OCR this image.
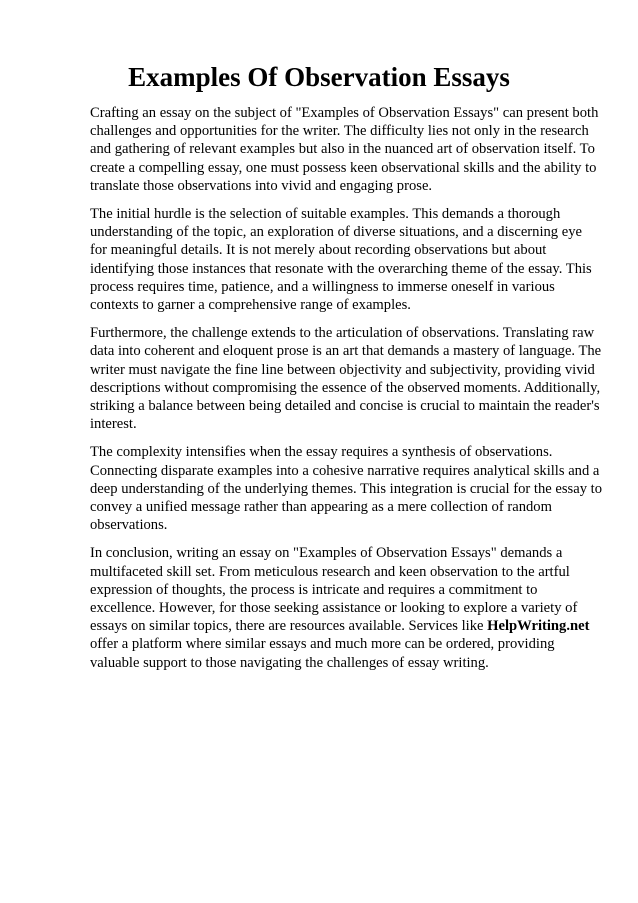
Examples Of Observation Essays

Crafting an essay on the subject of "Examples of Observation Essays" can present both challenges and opportunities for the writer. The difficulty lies not only in the research and gathering of relevant examples but also in the nuanced art of observation itself. To create a compelling essay, one must possess keen observational skills and the ability to translate those observations into vivid and engaging prose.

The initial hurdle is the selection of suitable examples. This demands a thorough understanding of the topic, an exploration of diverse situations, and a discerning eye for meaningful details. It is not merely about recording observations but about identifying those instances that resonate with the overarching theme of the essay. This process requires time, patience, and a willingness to immerse oneself in various contexts to garner a comprehensive range of examples.

Furthermore, the challenge extends to the articulation of observations. Translating raw data into coherent and eloquent prose is an art that demands a mastery of language. The writer must navigate the fine line between objectivity and subjectivity, providing vivid descriptions without compromising the essence of the observed moments. Additionally, striking a balance between being detailed and concise is crucial to maintain the reader's interest.

The complexity intensifies when the essay requires a synthesis of observations. Connecting disparate examples into a cohesive narrative requires analytical skills and a deep understanding of the underlying themes. This integration is crucial for the essay to convey a unified message rather than appearing as a mere collection of random observations.

In conclusion, writing an essay on "Examples of Observation Essays" demands a multifaceted skill set. From meticulous research and keen observation to the artful expression of thoughts, the process is intricate and requires a commitment to excellence. However, for those seeking assistance or looking to explore a variety of essays on similar topics, there are resources available. Services like HelpWriting.net offer a platform where similar essays and much more can be ordered, providing valuable support to those navigating the challenges of essay writing.
